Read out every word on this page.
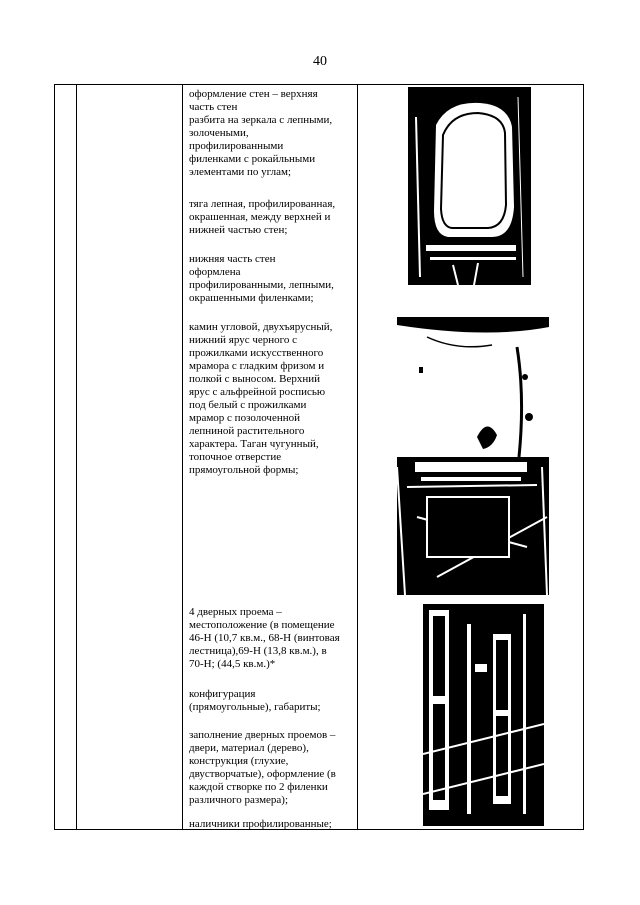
40
оформление стен – верхняя
часть стен
разбита на зеркала с лепными,
золочеными,
профилированными
филенками с рокайльными
элементами по углам;
тяга лепная, профилированная,
окрашенная, между верхней и
нижней частью стен;
нижняя часть стен
оформлена
профилированными, лепными,
окрашенными филенками;
камин угловой, двухъярусный,
нижний ярус черного с
прожилками искусственного
мрамора с гладким фризом и
полкой с выносом. Верхний
ярус с альфрейной росписью
под белый с прожилками
мрамор с позолоченной
лепниной растительного
характера. Таган чугунный,
топочное отверстие
прямоугольной формы;
4 дверных проема –
местоположение (в помещение
46-Н (10,7 кв.м., 68-Н (винтовая
лестница),69-Н (13,8 кв.м.), в
70-Н; (44,5 кв.м.)*
конфигурация
(прямоугольные), габариты;
заполнение дверных проемов –
двери, материал (дерево),
конструкция (глухие,
двустворчатые), оформление (в
каждой створке по 2 филенки
различного размера);
наличники профилированные;
